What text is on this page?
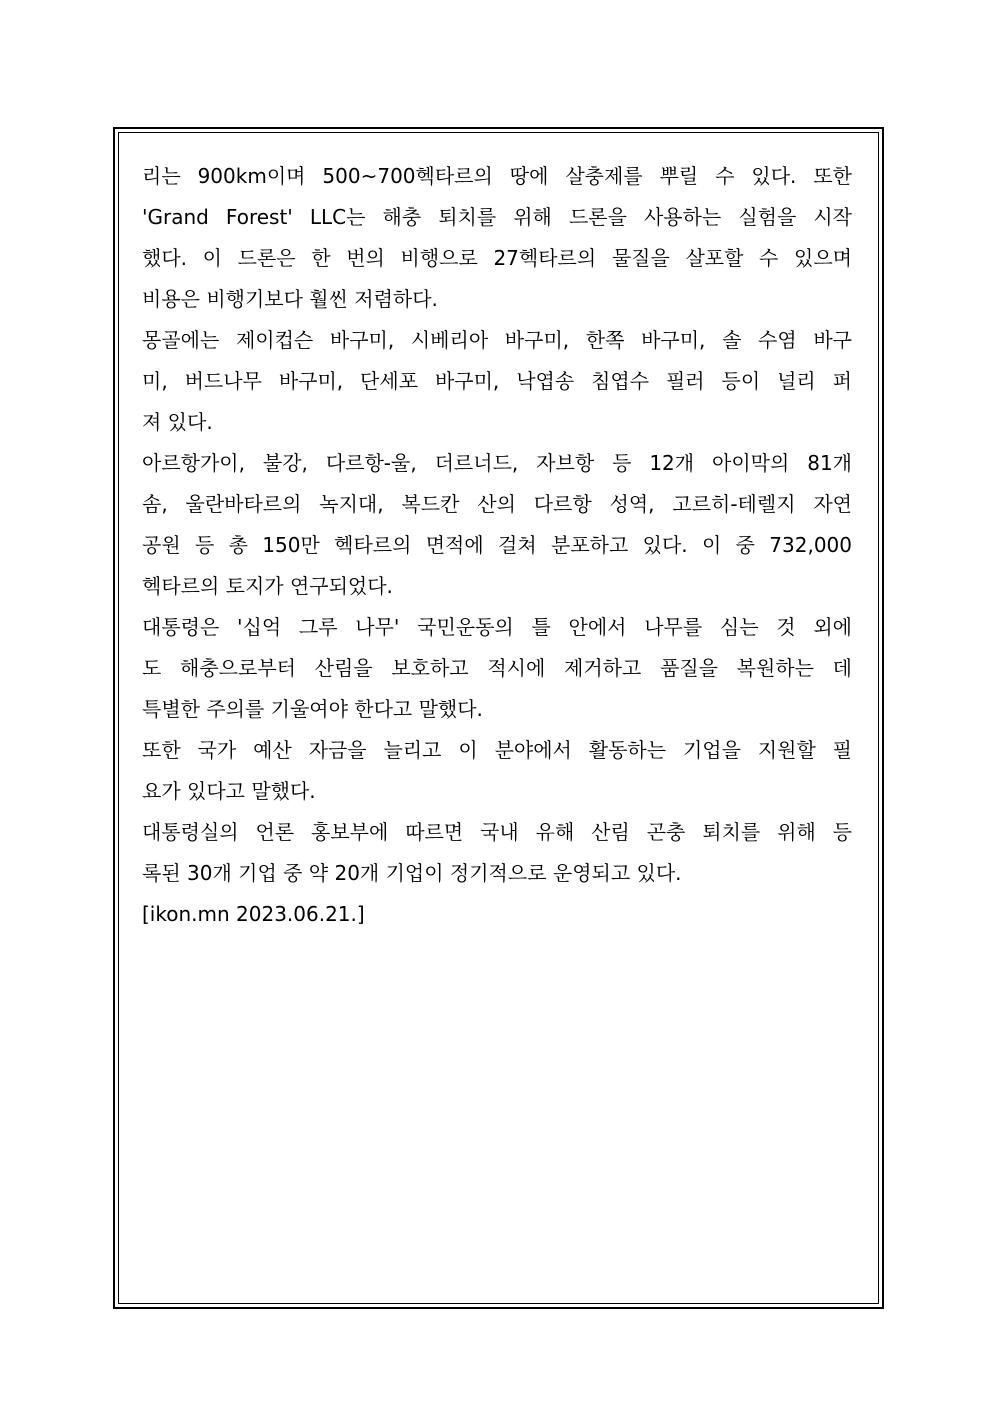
리는 900km이며 500~700헥타르의 땅에 살충제를 뿌릴 수 있다. 또한
'Grand Forest' LLC는 해충 퇴치를 위해 드론을 사용하는 실험을 시작
했다. 이 드론은 한 번의 비행으로 27헥타르의 물질을 살포할 수 있으며
비용은 비행기보다 훨씬 저렴하다.
몽골에는 제이컵슨 바구미, 시베리아 바구미, 한쪽 바구미, 솔 수염 바구
미, 버드나무 바구미, 단세포 바구미, 낙엽송 침엽수 필러 등이 널리 퍼
져 있다.
아르항가이, 불강, 다르항-울, 더르너드, 자브항 등 12개 아이막의 81개
솜, 울란바타르의 녹지대, 복드칸 산의 다르항 성역, 고르히-테렐지 자연
공원 등 총 150만 헥타르의 면적에 걸쳐 분포하고 있다. 이 중 732,000
헥타르의 토지가 연구되었다.
대통령은 '십억 그루 나무' 국민운동의 틀 안에서 나무를 심는 것 외에
도 해충으로부터 산림을 보호하고 적시에 제거하고 품질을 복원하는 데
특별한 주의를 기울여야 한다고 말했다.
또한 국가 예산 자금을 늘리고 이 분야에서 활동하는 기업을 지원할 필
요가 있다고 말했다.
대통령실의 언론 홍보부에 따르면 국내 유해 산림 곤충 퇴치를 위해 등
록된 30개 기업 중 약 20개 기업이 정기적으로 운영되고 있다.
[ikon.mn 2023.06.21.]
